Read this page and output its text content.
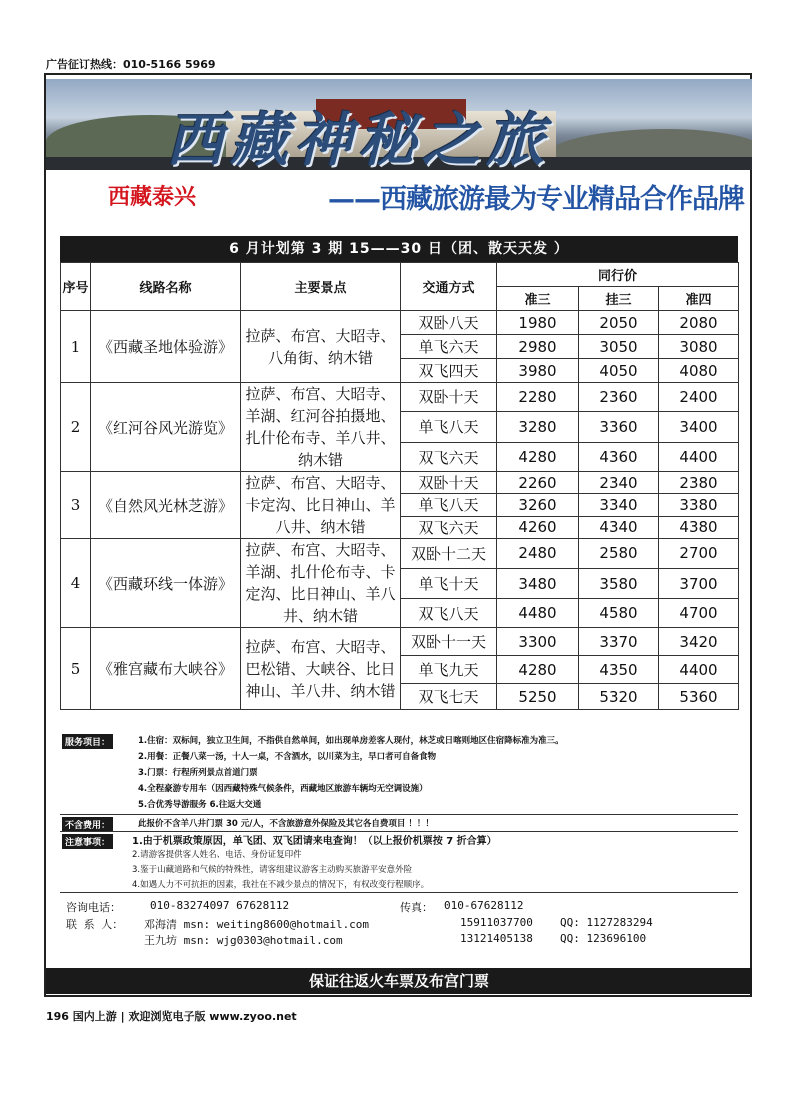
广告征订热线：010-5166 5969
西藏神秘之旅
西藏泰兴	——西藏旅游最为专业精品合作品牌
6 月计划第 3 期 15——30 日（团、散天天发 ）
序号	线路名称	主要景点	交通方式	同行价		
				准三	挂三	准四
1	《西藏圣地体验游》	拉萨、布宫、大昭寺、八角街、纳木错	双卧八天	1980	2050	2080
			单飞六天	2980	3050	3080
			双飞四天	3980	4050	4080
2	《红河谷风光游览》	拉萨、布宫、大昭寺、羊湖、红河谷拍摄地、扎什伦布寺、羊八井、纳木错	双卧十天	2280	2360	2400
			单飞八天	3280	3360	3400
			双飞六天	4280	4360	4400
3	《自然风光林芝游》	拉萨、布宫、大昭寺、卡定沟、比日神山、羊八井、纳木错	双卧十天	2260	2340	2380
			单飞八天	3260	3340	3380
			双飞六天	4260	4340	4380
4	《西藏环线一体游》	拉萨、布宫、大昭寺、羊湖、扎什伦布寺、卡定沟、比日神山、羊八井、纳木错	双卧十二天	2480	2580	2700
			单飞十天	3480	3580	3700
			双飞八天	4480	4580	4700
5	《雅宫藏布大峡谷》	拉萨、布宫、大昭寺、巴松错、大峡谷、比日神山、羊八井、纳木错	双卧十一天	3300	3370	3420
			单飞九天	4280	4350	4400
			双飞七天	5250	5320	5360
服务项目：	1.住宿：双标间，独立卫生间，不指供自然单间，如出现单房差客人现付，林芝或日喀则地区住宿降标准为准三。
2.用餐：正餐八菜一汤，十人一桌，不含酒水，以川菜为主，早口者可自备食物
3.门票：行程所列景点首道门票
4.全程豪游专用车（因西藏特殊气候条件，西藏地区旅游车辆均无空调设施）
5.合优秀导游服务 6.往返大交通
不含费用：	此报价不含羊八井门票 30 元/人，不含旅游意外保险及其它各自费项目 ！！！
注意事项：	1.由于机票政策原因，单飞团、双飞团请来电查询！（以上报价机票按 7 折合算）
2.请游客提供客人姓名、电话、身份证复印件
3.鉴于山藏道路和气候的特殊性，请客组建议游客主动购买旅游平安意外险
4.如遇人力不可抗拒的因素，我社在不减少景点的情况下，有权改变行程顺序。
咨询电话：	010-83274097 67628112	传真： 010-67628112
联 系 人： 邓海清 msn: weiting8600@hotmail.com	15911037700 QQ: 1127283294
王九坊 msn: wjg0303@hotmail.com	13121405138 QQ: 123696100
保证往返火车票及布宫门票
196 国内上游 | 欢迎浏览电子版 www.zyoo.net
